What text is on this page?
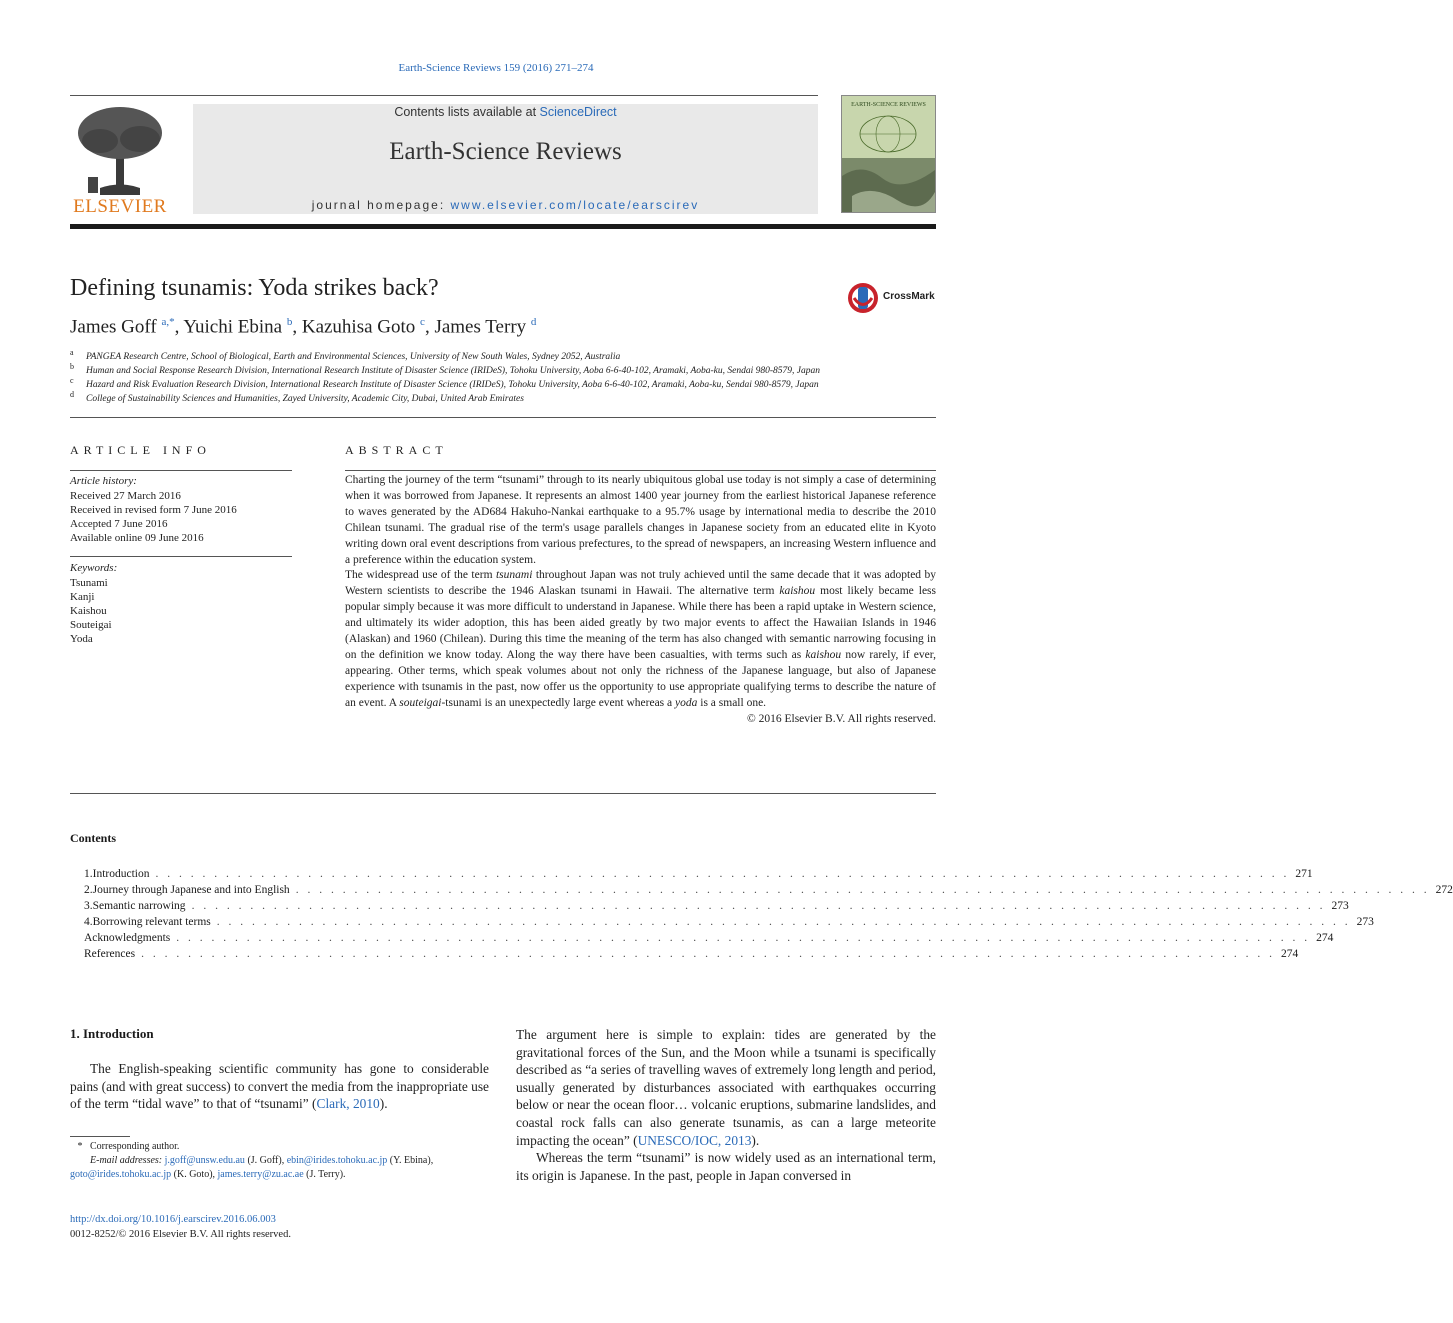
Earth-Science Reviews 159 (2016) 271–274
ELSEVIER
Contents lists available at ScienceDirect
Earth-Science Reviews
journal homepage: www.elsevier.com/locate/earscirev
EARTH-SCIENCE REVIEWS
Defining tsunamis: Yoda strikes back?	CrossMark
James Goff $^{a,*}$, Yuichi Ebina $^b$, Kazuhisa Goto $^c$, James Terry $^d$
$^a$ PANGEA Research Centre, School of Biological, Earth and Environmental Sciences, University of New South Wales, Sydney 2052, Australia
$^b$ Human and Social Response Research Division, International Research Institute of Disaster Science (IRIDeS), Tohoku University, Aoba 6-6-40-102, Aramaki, Aoba-ku, Sendai 980-8579, Japan
$^c$ Hazard and Risk Evaluation Research Division, International Research Institute of Disaster Science (IRIDeS), Tohoku University, Aoba 6-6-40-102, Aramaki, Aoba-ku, Sendai 980-8579, Japan
$^d$ College of Sustainability Sciences and Humanities, Zayed University, Academic City, Dubai, United Arab Emirates
ARTICLE INFO	ABSTRACT
Article history:
Received 27 March 2016
Received in revised form 7 June 2016
Accepted 7 June 2016
Available online 09 June 2016
Keywords:
Tsunami
Kanji
Kaishou
Souteigai
Yoda

Charting the journey of the term “tsunami” through to its nearly ubiquitous global use today is not simply a case of determining when it was borrowed from Japanese. It represents an almost 1400 year journey from the earliest historical Japanese reference to waves generated by the AD684 Hakuho-Nankai earthquake to a 95.7% usage by international media to describe the 2010 Chilean tsunami. The gradual rise of the term's usage parallels changes in Japanese society from an educated elite in Kyoto writing down oral event descriptions from various prefectures, to the spread of newspapers, an increasing Western influence and a preference within the education system.

The widespread use of the term tsunami throughout Japan was not truly achieved until the same decade that it was adopted by Western scientists to describe the 1946 Alaskan tsunami in Hawaii. The alternative term kaishou most likely became less popular simply because it was more difficult to understand in Japanese. While there has been a rapid uptake in Western science, and ultimately its wider adoption, this has been aided greatly by two major events to affect the Hawaiian Islands in 1946 (Alaskan) and 1960 (Chilean). During this time the meaning of the term has also changed with semantic narrowing focusing in on the definition we know today. Along the way there have been casualties, with terms such as kaishou now rarely, if ever, appearing. Other terms, which speak volumes about not only the richness of the Japanese language, but also of Japanese experience with tsunamis in the past, now offer us the opportunity to use appropriate qualifying terms to describe the nature of an event. A souteigai-tsunami is an unexpectedly large event whereas a yoda is a small one.

© 2016 Elsevier B.V. All rights reserved.

Contents
1. Introduction . . . . . . . . . . . . . . . . . . . . . . . . . . . . . . . . . . . . . . . . . . . . . . . . . . . . . . . . . . . . . . . . . . . . . . . . . . . . . . . . . . . . . . . . . . . . . . . . . 271
2. Journey through Japanese and into English . . . . . . . . . . . . . . . . . . . . . . . . . . . . . . . . . . . . . . . . . . . . . . . . . . . . . . . . . . . . . . . . . . . . . . . . . . . . . . . . . . . . . . . . . . . . . . . . . 272
3. Semantic narrowing . . . . . . . . . . . . . . . . . . . . . . . . . . . . . . . . . . . . . . . . . . . . . . . . . . . . . . . . . . . . . . . . . . . . . . . . . . . . . . . . . . . . . . . . . . . . . . . . . 273
4. Borrowing relevant terms . . . . . . . . . . . . . . . . . . . . . . . . . . . . . . . . . . . . . . . . . . . . . . . . . . . . . . . . . . . . . . . . . . . . . . . . . . . . . . . . . . . . . . . . . . . . . . . . . 273
Acknowledgments . . . . . . . . . . . . . . . . . . . . . . . . . . . . . . . . . . . . . . . . . . . . . . . . . . . . . . . . . . . . . . . . . . . . . . . . . . . . . . . . . . . . . . . . . . . . . . . . . 274
References . . . . . . . . . . . . . . . . . . . . . . . . . . . . . . . . . . . . . . . . . . . . . . . . . . . . . . . . . . . . . . . . . . . . . . . . . . . . . . . . . . . . . . . . . . . . . . . . . 274
1. Introduction
The English-speaking scientific community has gone to considerable pains (and with great success) to convert the media from the inappropriate use of the term “tidal wave” to that of “tsunami” (Clark, 2010).

The argument here is simple to explain: tides are generated by the gravitational forces of the Sun, and the Moon while a tsunami is specifically described as “a series of travelling waves of extremely long length and period, usually generated by disturbances associated with earthquakes occurring below or near the ocean floor… volcanic eruptions, submarine landslides, and coastal rock falls can also generate tsunamis, as can a large meteorite impacting the ocean” (UNESCO/IOC, 2013).

Whereas the term “tsunami” is now widely used as an international term, its origin is Japanese. In the past, people in Japan conversed in

* Corresponding author.
E-mail addresses: j.goff@unsw.edu.au (J. Goff), ebin@irides.tohoku.ac.jp (Y. Ebina),
goto@irides.tohoku.ac.jp (K. Goto), james.terry@zu.ac.ae (J. Terry).
http://dx.doi.org/10.1016/j.earscirev.2016.06.003
0012-8252/© 2016 Elsevier B.V. All rights reserved.
